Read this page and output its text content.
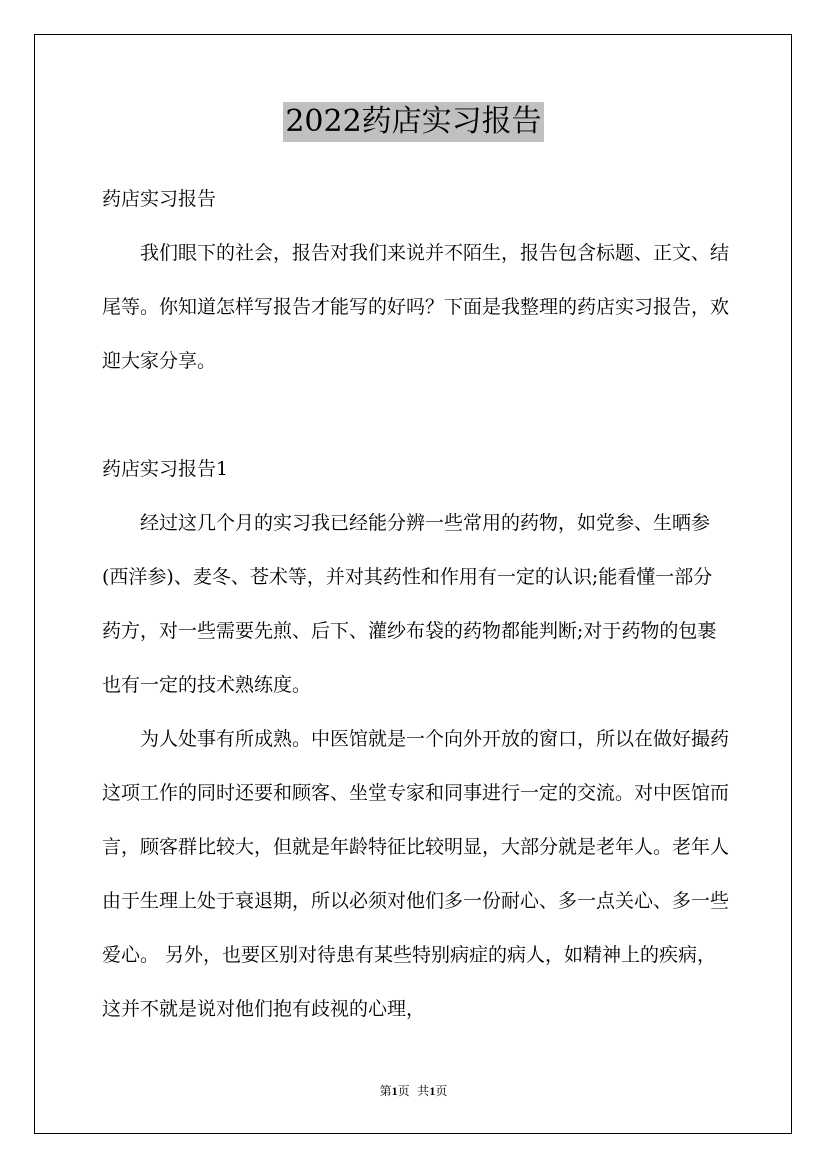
2022药店实习报告

药店实习报告

我们眼下的社会，报告对我们来说并不陌生，报告包含标题、正文、结尾等。你知道怎样写报告才能写的好吗？下面是我整理的药店实习报告，欢迎大家分享。

药店实习报告1

经过这几个月的实习我已经能分辨一些常用的药物，如党参、生晒参(西洋参)、麦冬、苍术等，并对其药性和作用有一定的认识;能看懂一部分药方，对一些需要先煎、后下、灌纱布袋的药物都能判断;对于药物的包裹也有一定的技术熟练度。

为人处事有所成熟。中医馆就是一个向外开放的窗口，所以在做好撮药这项工作的同时还要和顾客、坐堂专家和同事进行一定的交流。对中医馆而言，顾客群比较大，但就是年龄特征比较明显，大部分就是老年人。老年人由于生理上处于衰退期，所以必须对他们多一份耐心、多一点关心、多一些爱心。 另外，也要区别对待患有某些特别病症的病人，如精神上的疾病，这并不就是说对他们抱有歧视的心理，

第1页  共1页
